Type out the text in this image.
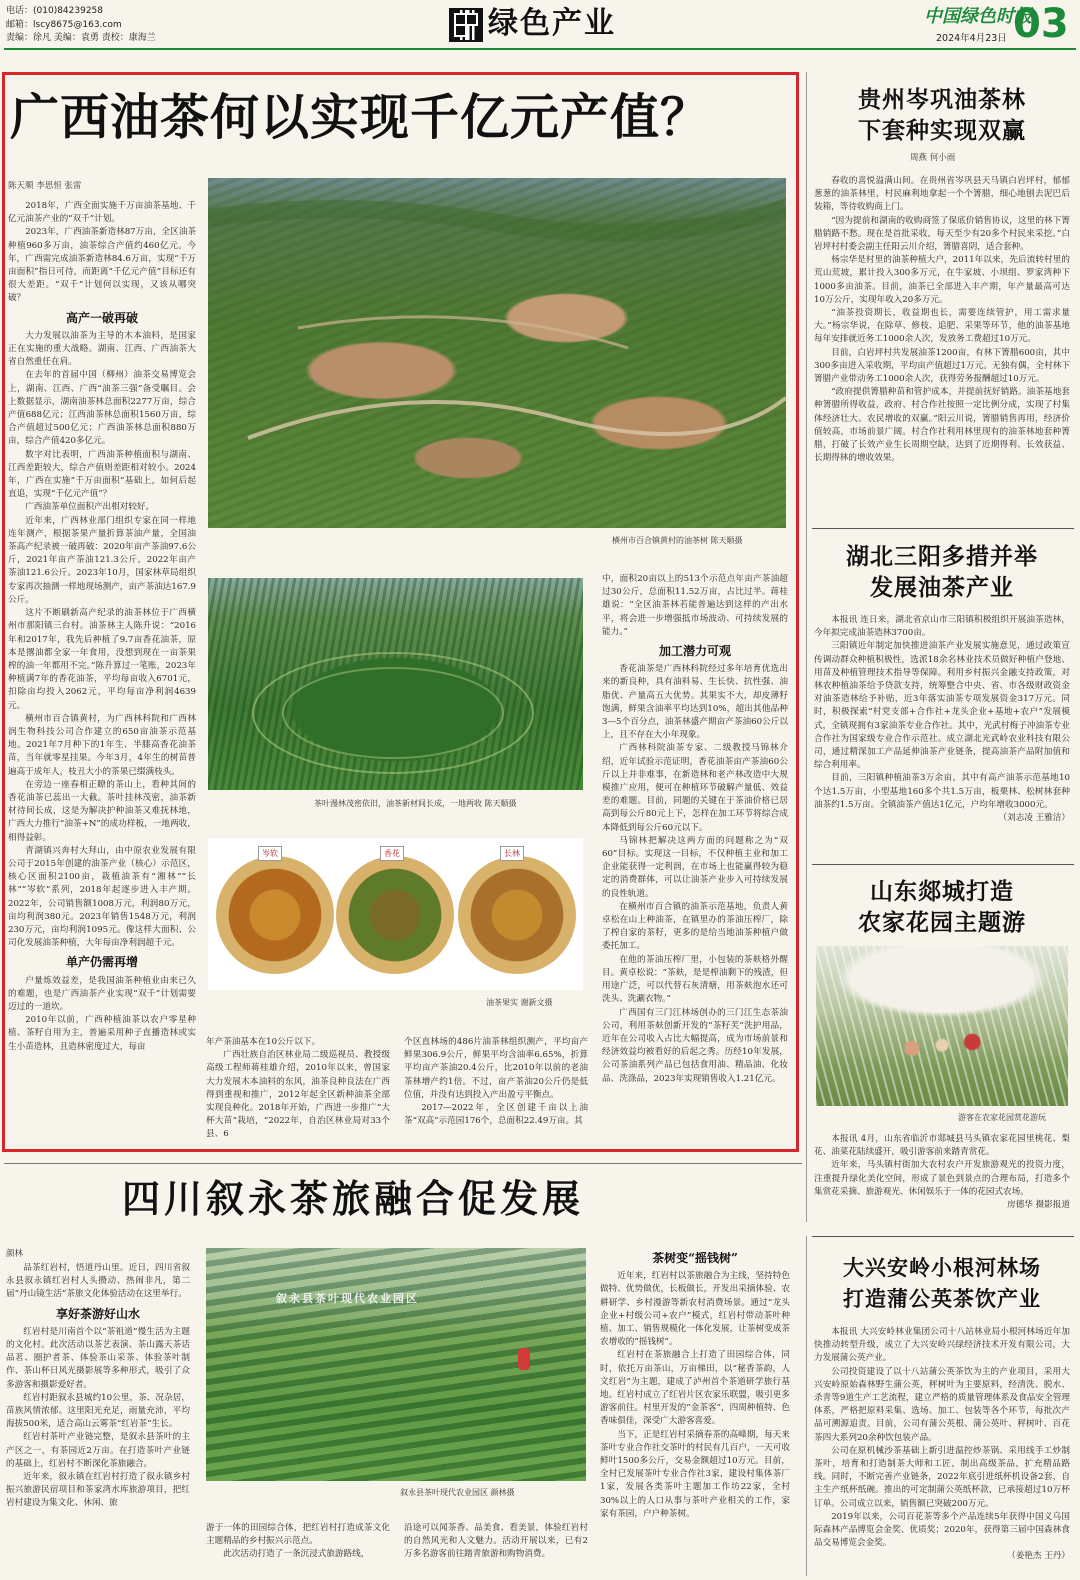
电话：(010)84239258
邮箱：lscy8675@163.com
责编：徐凡 美编：袁勇 责校：康海兰	绿色产业	中国绿色时报
2024年4月23日 03
广西油茶何以实现千亿元产值？
陈天顺 李思恒 张雷

2018年，广西全面实施千万亩油茶基地、千亿元油茶产业的“双千”计划。

2023年，广西油茶新造林87万亩，全区油茶种植960多万亩，油茶综合产值约460亿元。今年，广西需完成油茶新造林84.6万亩，实现“千万亩面积”指日可待，而距离“千亿元产值”目标还有很大差距。“双千”计划何以实现，又该从哪突破？

高产一破再破

大力发展以油茶为主导的木本油料，是国家正在实施的重大战略。湖南、江西、广西油茶大省自然重任在肩。

在去年的首届中国（柳州）油茶交易博览会上，湖南、江西、广西“油茶三强”备受瞩目。会上数据显示，湖南油茶林总面积2277万亩，综合产值688亿元；江西油茶林总面积1560万亩，综合产值超过500亿元；广西油茶林总面积880万亩，综合产值420多亿元。

数字对比表明，广西油茶种植面积与湖南、江西差距较大，综合产值则差距相对较小。2024年，广西在实施“千万亩面积”基础上，如何后起直追，实现“千亿元产值”？

广西油茶单位面积产出相对较好。

近年来，广西林业部门组织专家在同一样地连年测产，根据茶果产量折算茶油产量，全国油茶高产纪录被一破再破：2020年亩产茶油97.6公斤，2021年亩产茶油121.3公斤，2022年亩产茶油121.6公斤。2023年10月，国家林草局组织专家再次抽测一样地现场测产，亩产茶油达167.9公斤。

这片不断刷新高产纪录的油茶林位于广西横州市那阳镇三台村。油茶林主人陈升说：“2016年和2017年，我先后种植了9.7亩香花油茶，原本是撂油都全家一年食用，没想到现在一亩茶果榨的油一年都用不完。”陈升算过一笔账，2023年种植满7年的香花油茶，平均每亩收入6701元，扣除亩均投入2062元，平均每亩净利润4639元。

横州市百合镇黄村，为广西林科院和广西林润生物科技公司合作建立的650亩油茶示范基地。2021年7月种下的1年生、半膝高香花油茶苗，当年就零星挂果。今年3月，4年生的树苗普遍高于成年人，枝丑大小的茶果已缀满枝头。

在旁边一座春相正瞭的茶山上，看种其间的香花油茶已蕊出一大截。茶叶挂林茂密，油茶新材待间长成，这是为解决护种油茶又难抚林地，广西大力推行“油茶+N”的成功样板，一地两收，相得益彰。

青湖镇兴奔村大拜山，由中原农业发展有限公司于2015年创建的油茶产业（核心）示范区，核心区面积2100亩，栽植油茶有“湘林”“长林”“岑软”系列，2018年起逐步进入丰产期。2022年，公司销售额1008万元，利润80万元，亩均利润380元。2023年销售1548万元，利润230万元，亩均利润1095元。像这样大面积、公司化发展油茶种植，大年每亩净利润超千元。

单产仍需再增

户量炼效益差，是我国油茶种植业由来已久的难题，也是广西油茶产业实现“双千”计划需要迈过的一道坎。

2010年以前，广西种植油茶以农户零星种植、茶籽自用为主，普遍采用种子直播造林或实生小苗造林，且造林密度过大，每亩

横州市百合镇黄村的油茶树 陈天顺摄
茶叶漫林茂密依旧，油茶新材间长成，一地两收 陈天顺摄
岑软	香花	长林
油茶果实 谢新文摄

年产茶油基本在10公斤以下。

广西壮族自治区林业局二级巡视员、教授级高级工程师蒋桂雄介绍，2010年以来，曾国家大力发展木本油料的东风，油茶良种良法在广西得到重视和推广，2012年起全区新种油茶全部实现良种化。2018年开始，广西进一步推广“大杯大苗”栽培，“2022年，自治区林业局对33个县、6

个区直林场的486片油茶林组织测产，平均亩产鲜果306.9公斤，鲜果平均含油率6.65%，折算平均亩产茶油20.4公斤，比2010年以前的老油茶林增产约1倍。不过，亩产茶油20公斤仍是低位值，并没有达到投入产出盈亏平衡点。

2017—2022年，全区创建千亩以上油茶“双高”示范园176个，总面积22.49万亩。其

中，面积20亩以上的513个示范点年亩产茶油超过30公斤，总面积11.52万亩，占比过半。蒋桂雄说：“全区油茶林若能普遍达到这样的产出水平，将会进一步增强抵市场波动、可持续发展的能力。”

加工潜力可观

香花油茶是广西林科院经过多年培育优选出来的新良种，具有油料易、生长快、抗性强、油脂优、产量高五大优势。其果实不大，却皮薄籽饱满，鲜果含油率平均达到10%，超出其他品种3—5个百分点，油茶林盛产期亩产茶油60公斤以上，且不存在大小年现象。

广西林科院油茶专家、二级教授马锦林介绍，近年试验示范证明，香花油茶亩产茶油60公斤以上并非难事，在新造林和老产林改造中大规模推广应用，便可在种植环节破解产量低、效益差的难题。目前，同题的关键在于茶油价格已居高到每公斤80元上下，怎样在加工环节将综合成本降低到每公斤60元以下。

马锦林把解决这两方面的问题称之为“双60”目标。实现这一目标，不仅种植主业和加工企业能获得一定利润，在市场上也能赢得较为稳定的消费群体，可以让油茶产业步入可持续发展的良性轨道。

在横州市百合镇的油茶示范基地，负责人黄卓松在山上种油茶，在镇里办的茶油压榨厂，除了榨自家的茶籽，更多的是给当地油茶种植户做委托加工。

在他的茶油压榨厂里，小包装的茶麸格外醒目。黄卓松说：“茶麸，是是榨油剩下的残渣，但用途广泛，可以代替石灰清塘，用茶麸泡水还可洗头、洗涮衣物。”

广西国有三门江林场创办的三门江生态茶油公司，利用茶麸创新开发的“茶籽芙”洗护用品，近年在公司收入占比大幅提高，成为市场前景和经济效益均被看好的后起之秀。历经10年发展，公司茶油系列产品已包括食用油、精品油、化妆品、洗涤品，2023年实现销售收入1.21亿元。

贵州岑巩油茶林
下套种实现双赢
周燕 何小雨

春收的喜悦溢满山间。在贵州省岑巩县天马镇白岩坪村，郁郁葱葱的油茶林里，村民麻利地拿起一个个箐腊，细心地刨去泥巴后装箱，等待收购商上门。

“因为提前和湖南的收购商签了保底价销售协议，这里的林下箐腊销路不愁。现在是首批采收，每天至少有20多个村民来采挖。”白岩坪村村委会副主任阳云川介绍，箐腊喜阴，适合套种。

杨宗华是村里的油茶种植大户，2011年以来，先后流转村里的荒山荒坡，累计投入300多万元，在牛家坡、小坝组、罗家湾种下1000多亩油茶。目前，油茶已全部进入丰产期，年产量最高可达10万公斤，实现年收入20多万元。

“油茶投资期长，收益期也长，需要连续管护，用工需求量大。”杨宗华说，在除草、修枝、追肥、采果等环节，他的油茶基地每年安排就近务工1000余人次，发放务工费超过10万元。

目前，白岩坪村共发展油茶1200亩，有林下箐腊600亩，其中300多亩进入采收期，平均亩产值超过1万元。无独有偶，全村林下箐腊产业带动务工1000余人次，获得劳务报酬超过10万元。

“政府提供箐腊种苗和管护成本，并提前抚好销路。油茶基地套种箐腊所得收益，政府、村合作社按照一定比例分成，实现了村集体经济壮大、农民增收的双赢。”阳云川说，箐腊销售再用，经济价值较高，市场前景广阔。村合作社利用林里现有的油茶林地套种箐腊，打破了长效产业生长周期空缺，达到了近期得利、长效获益、长期得林的增收效果。

湖北三阳多措并举
发展油茶产业

本报讯 连日来，湖北省京山市三阳镇积极组织开展油茶造林，今年拟完成油茶造林3700亩。

三阳镇近年制定加快推进油茶产业发展实施意见，通过政策宣传调动群众种植积极性，选派18余名林业技术员做好种植户登地、用苗及种植管理技术指导等保障。利用乡村振兴金融支持政策，对林农种植油茶给予贷款支持，统筹整合中央、省、市各级财政资金对油茶造林给予补贴，近3年落实油茶专项发展资金317万元。同时，积极探索“村党支部+合作社+龙头企业+基地+农户”发展模式，全镇现拥有3家油茶专业合作社。其中，光武村梅子冲油茶专业合作社为国家级专业合作示范社。成立湖北光武岭农业科技有限公司，通过精深加工产品延伸油茶产业链条，提高油茶产品附加值和综合利用率。

目前，三阳镇种植油茶3万余亩，其中有高产油茶示范基地10个达1.5万亩，小型基地160多个共1.5万亩，板栗林、松树林套种油茶约1.5万亩。全镇油茶产值达1亿元，户均年增收3000元。

（刘志凌 王雅洁）
山东郯城打造
农家花园主题游
游客在农家花园赏花游玩

本报讯 4月，山东省临沂市郯城县马头镇农家花园里桃花、梨花、油菜花陆续盛开，吸引游客前来踏青赏花。

近年来，马头镇村街加大农村农户开发旅游观光的投资力度，注重提升绿化美化空间，形成了景色到景点的合理布局，打造多个集赏花采摘、旅游观光、休闲娱乐于一体的花园式农场。

房德华 摄影报道
四川叙永茶旅融合促发展
颜林

品茶红岩村，悟道丹山里。近日，四川省叙永县叙永镇红岩村人头攒动、热闹非凡，第二届“丹山镜生活”茶旅文化体验活动在这里举行。

享好茶游好山水

红岩村是川南首个以“茶祖道”慢生活为主题的文化村。此次活动以茶艺表演、茶山露天茶话品茗、圈护者茶、体验茶山采茶、体验茶叶制作、茶山杯日风光摄影展等多种形式，吸引了众多游客和摄影爱好者。

红岩村距叙永县城约10公里，茶、况杂居，苗族风情浓郁。这里阳光充足，雨量充沛，平均海拔500米，适合高山云雾茶“红岩茶”生长。

红岩村茶叶产业链完整，是叙永县茶叶的主产区之一，有茶园近2万亩。在打造茶叶产业链的基础上，红岩村不断深化茶旅融合。

近年来，叙永镇在红岩村打造了叙永镇乡村振兴旅游民宿项目和茶家湾水库旅游项目，把红岩村建设为集文化、休闲、旅

叙永县茶叶现代农业园区
叙永县茶叶现代农业园区 颜林摄

游于一体的田园综合体，把红岩村打造成茶文化主题精品的乡村振兴示范点。

此次活动打造了一条沉浸式旅游路线，

沿途可以闻茶香、品美食、看美景，体验红岩村的自然风光和人文魅力。活动开展以来，已有2万多名游客前往踏青旅游和购物消费。

茶树变“摇钱树”

近年来，红岩村以茶旅融合为主线，坚持特色做特、优势做优，长板做长，开发出采摘体验、农耕研学、乡村漫游等新农村消费场景。通过“龙头企业+村级公司+农户”模式，红岩村带动茶叶种植、加工、销售规模化一体化发展，让茶树变成茶农增收的“摇钱树”。

红岩村在茶旅融合上打造了田园综合体，同时，依托万亩茶山，万亩梯田，以“秘香茶韵，人文红岩”为主题，建成了泸州首个茶道研学旅行基地。红岩村成立了红岩片区农家乐联盟，吸引更多游客前往。村里开发的“金茶客”，四周种植特、色香味俱佳，深受广大游客喜爱。

当下，正是红岩村采摘春茶的高峰期，每天来茶叶专业合作社交茶叶的村民有几百户，一天可收鲜叶1500多公斤，交易金额超过10万元。目前，全村已发展茶叶专业合作社3家，建设村集体茶厂1家，发展各类茶叶主题加工作坊22家，全村30%以上的人口从事与茶叶产业相关的工作，家家有茶园，户户种茶树。

大兴安岭小根河林场
打造蒲公英茶饮产业

本报讯 大兴安岭林业集团公司十八站林业局小根河林场近年加快推动转型升级，成立了大兴安岭兴绿经济技术开发有限公司，大力发展蒲公英产业。

公司投资建设了以十八站蒲公英茶饮为主的产业项目，采用大兴安岭原始森林野生蒲公英，秤树叶为主要原料，经清洗、脱水、杀青等9道生产工艺流程，建立严格的质量管理体系及食品安全管理体系，严格把原料采集、选场、加工、包装等各个环节，每批次产品可溯源追责。目前，公司有蒲公英根、蒲公英叶、秤树叶、百花茶四大系列20余种饮包装产品。

公司在原机械沙茶基础上新引进温控炒茶锅、采用线手工炒制茶叶，培育和打造制茶大师和工匠，制出高级茶品，扩充精品路线。同时，不断完善产业链条，2022年底引进纸杯机设备2套，自主生产纸杯纸碗。推出的可定制蒲公英纸杯款，已承接超过10万杯订单。公司成立以来，销售额已突破200万元。

2019年以来，公司百花茶等多个产品连续5年获得中国义乌国际森林产品博览会金奖、优质奖；2020年，获得第三届中国森林食品交易博览会金奖。

（姜艳杰 王丹）
